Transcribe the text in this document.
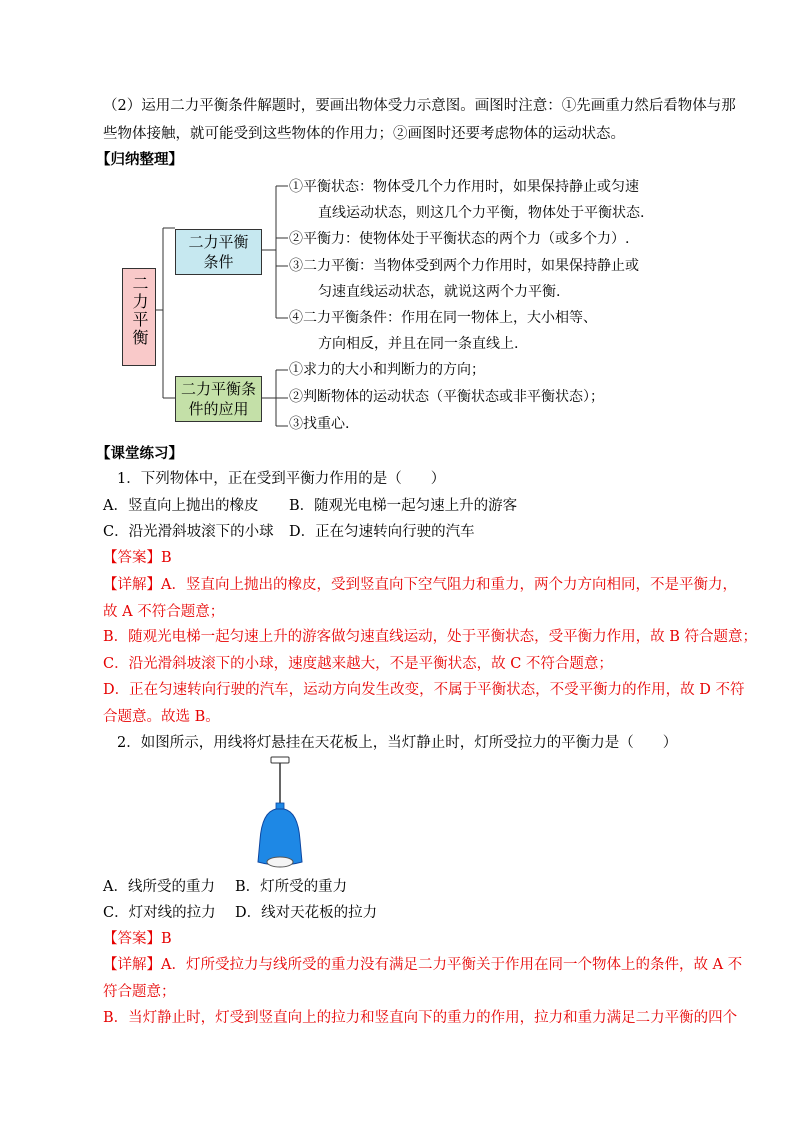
（2）运用二力平衡条件解题时，要画出物体受力示意图。画图时注意：①先画重力然后看物体与那
些物体接触，就可能受到这些物体的作用力；②画图时还要考虑物体的运动状态。
【归纳整理】
二力平衡
二力平衡
条件
二力平衡条
件的应用
①平衡状态：物体受几个力作用时，如果保持静止或匀速
直线运动状态，则这几个力平衡，物体处于平衡状态.
②平衡力：使物体处于平衡状态的两个力（或多个力）.
③二力平衡：当物体受到两个力作用时，如果保持静止或
匀速直线运动状态，就说这两个力平衡.
④二力平衡条件：作用在同一物体上，大小相等、
方向相反，并且在同一条直线上.
①求力的大小和判断力的方向；
②判断物体的运动状态（平衡状态或非平衡状态）；
③找重心.
【课堂练习】
1．下列物体中，正在受到平衡力作用的是（　　）
A．竖直向上抛出的橡皮 B．随观光电梯一起匀速上升的游客
C．沿光滑斜坡滚下的小球 D．正在匀速转向行驶的汽车
【答案】B
【详解】A．竖直向上抛出的橡皮，受到竖直向下空气阻力和重力，两个力方向相同，不是平衡力，
故 A 不符合题意；
B．随观光电梯一起匀速上升的游客做匀速直线运动，处于平衡状态，受平衡力作用，故 B 符合题意；
C．沿光滑斜坡滚下的小球，速度越来越大，不是平衡状态，故 C 不符合题意；
D．正在匀速转向行驶的汽车，运动方向发生改变，不属于平衡状态，不受平衡力的作用，故 D 不符
合题意。故选 B。
2．如图所示，用线将灯悬挂在天花板上，当灯静止时，灯所受拉力的平衡力是（　　）
A．线所受的重力 B．灯所受的重力
C．灯对线的拉力 D．线对天花板的拉力
【答案】B
【详解】A．灯所受拉力与线所受的重力没有满足二力平衡关于作用在同一个物体上的条件，故 A 不
符合题意；
B．当灯静止时，灯受到竖直向上的拉力和竖直向下的重力的作用，拉力和重力满足二力平衡的四个
